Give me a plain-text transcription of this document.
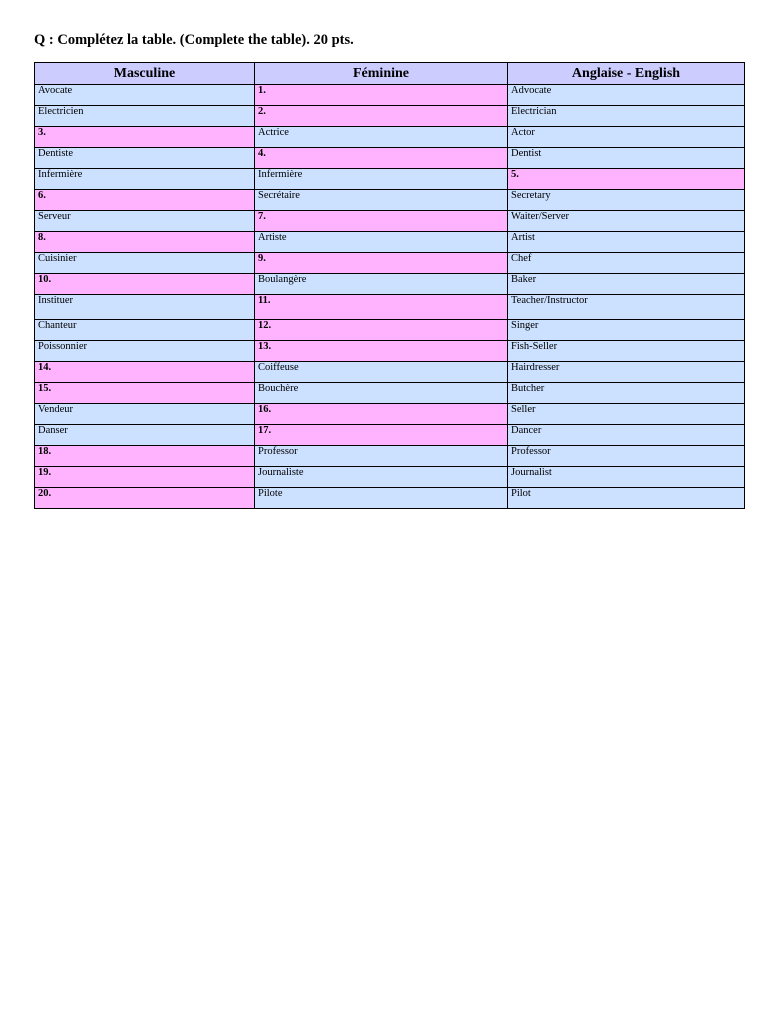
Q : Complétez la table. (Complete the table). 20 pts.
Masculine	Féminine	Anglaise - English
Avocate	1.	Advocate
Electricien	2.	Electrician
3.	Actrice	Actor
Dentiste	4.	Dentist
Infermière	Infermière	5.
6.	Secrétaire	Secretary
Serveur	7.	Waiter/Server
8.	Artiste	Artist
Cuisinier	9.	Chef
10.	Boulangère	Baker
Instituer	11.	Teacher/Instructor
Chanteur	12.	Singer
Poissonnier	13.	Fish-Seller
14.	Coiffeuse	Hairdresser
15.	Bouchère	Butcher
Vendeur	16.	Seller
Danser	17.	Dancer
18.	Professor	Professor
19.	Journaliste	Journalist
20.	Pilote	Pilot
